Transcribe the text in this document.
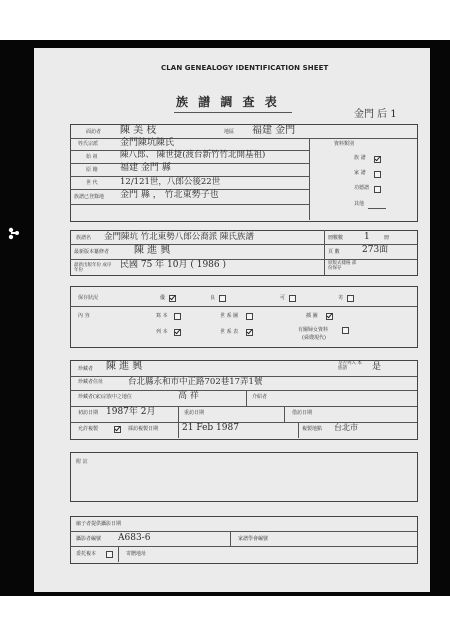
CLAN GENEALOGY IDENTIFICATION SHEET
族 譜 調 查 表
金門 后 1
面訪者 陳 美 枝	地區 福建 金門
姓氏宗派 金門陳坑陳氏	資料類別
始 祖	陳八郎、 陳世捷(渡台新竹竹北開基祖)
原 籍 福建 金門 縣
世 代	12/121世，八郎公後22世
族譜已登錄地 金門 縣 ， 竹北東勢子也
族 譜
家 譜
功德譜
其他
族譜名 金門陳坑 竹北東勢八郎公裔派 陳氏族譜	冊數數 1	冊
最新版本纂修者 陳 進 興	頁 數 273面
最新出版年份 成序年份	民國 75 年 10月 ( 1986 )	原版式樣格 部份保存
保存狀況	優	良	可	劣
內 容	寫 本	世 系 圖	插 圖
列 本	世 系 表	有關婦女資料
(舜嫂現代)
珍藏者 陳 進 興	是否列入 本族譜	是
珍藏者住址	台北縣永和市中正路702巷17弄1號
珍藏者(家)宗族中之地位	高 祥	介紹者
初訪日期 1987年 2月	重訪日期	借訪日期
允許複製	採訪複製日期	21 Feb 1987	複製地點 台北市
附 註
縮子者提供攝影日期
攝影者編號 A683-6	家譜學會編號
委托複本	寄贈地址
